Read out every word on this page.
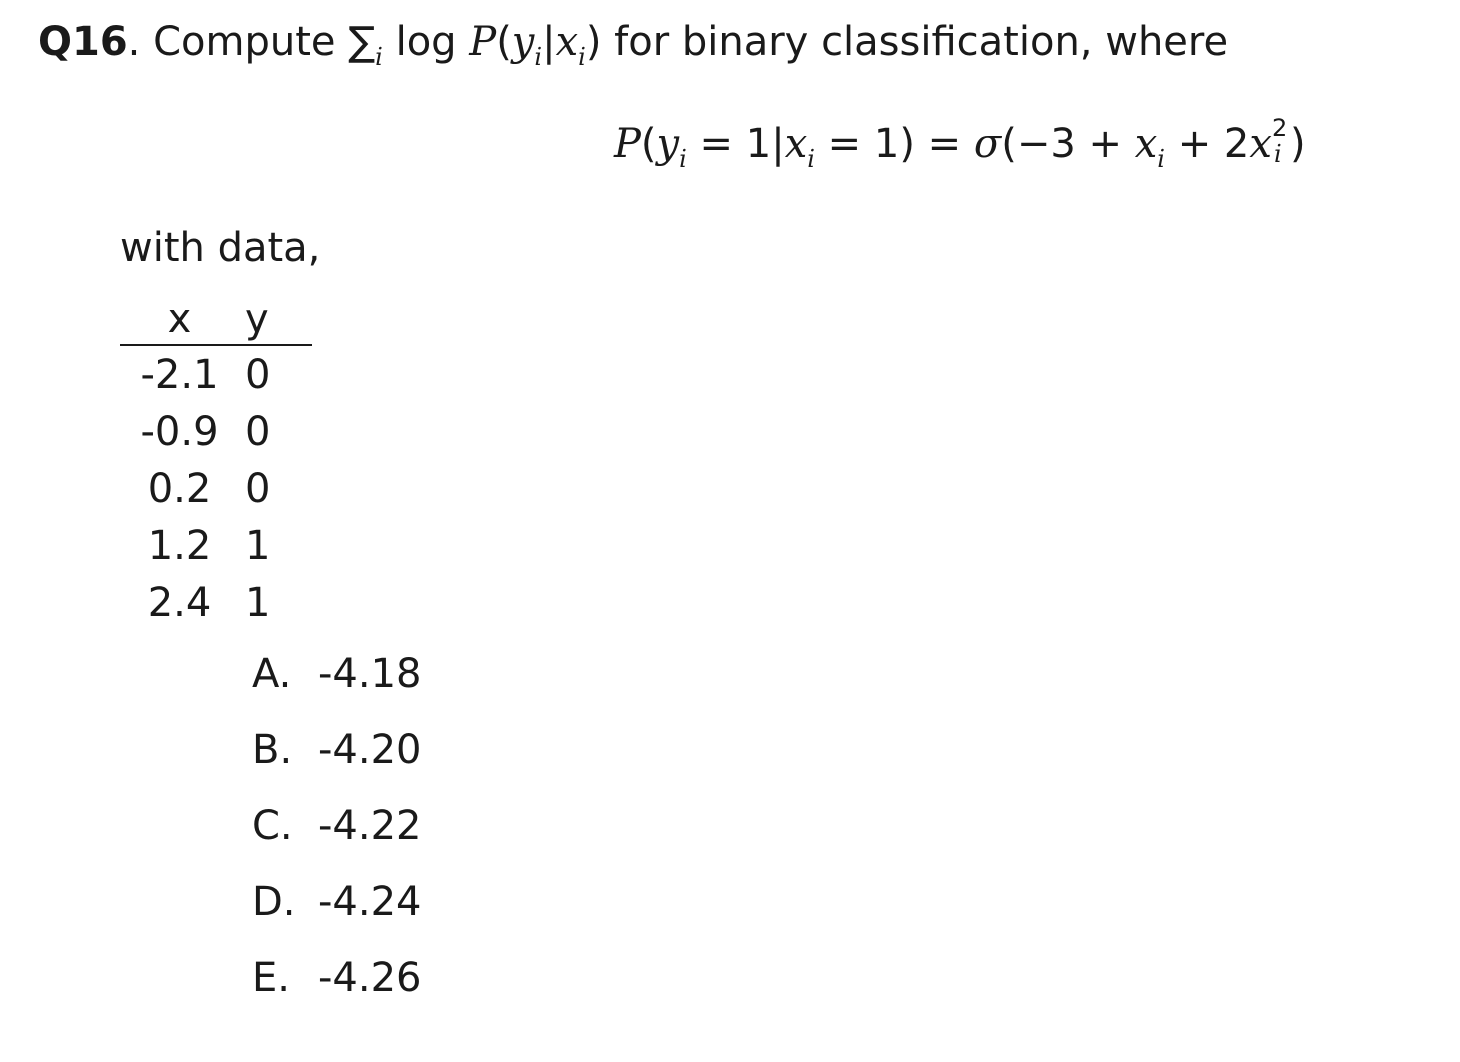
Q16. Compute $\sum_i$ $\log P(y_i|x_i)$ for binary classification, where
$P(y_i = 1|x_i = 1) = \sigma(-3 + x_i + 2x$ 2
i )
with data,
x	y
-2.1	0
-0.9	0
0.2	0
1.2	1
2.4	1
A. -4.18
B. -4.20
C. -4.22
D. -4.24
E. -4.26
